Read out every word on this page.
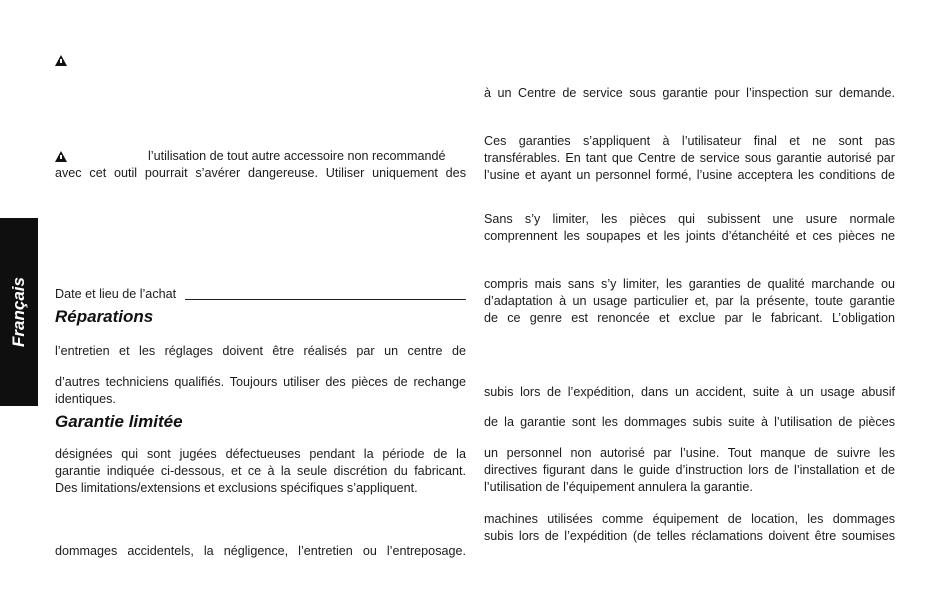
Français

l’utilisation de tout autre accessoire non recommandé

avec cet outil pourrait s’avérer dangereuse. Utiliser uniquement des

Date et lieu de l’achat

Réparations

l’entretien et les réglages doivent être réalisés par un centre de

d’autres techniciens qualifiés. Toujours utiliser des pièces de rechange

identiques.

Garantie limitée

désignées qui sont jugées défectueuses pendant la période de la

garantie indiquée ci-dessous, et ce à la seule discrétion du fabricant.

Des limitations/extensions et exclusions spécifiques s’appliquent.

dommages accidentels, la négligence, l’entretien ou l’entreposage.

à un Centre de service sous garantie pour l’inspection sur demande.

Ces garanties s’appliquent à l’utilisateur final et ne sont pas

transférables. En tant que Centre de service sous garantie autorisé par

l’usine et ayant un personnel formé, l’usine acceptera les conditions de

Sans s’y limiter, les pièces qui subissent une usure normale

comprennent les soupapes et les joints d’étanchéité et ces pièces ne

compris mais sans s’y limiter, les garanties de qualité marchande ou

d’adaptation à un usage particulier et, par la présente, toute garantie

de ce genre est renoncée et exclue par le fabricant. L’obligation

subis lors de l’expédition, dans un accident, suite à un usage abusif

de la garantie sont les dommages subis suite à l’utilisation de pièces

un personnel non autorisé par l’usine. Tout manque de suivre les

directives figurant dans le guide d’instruction lors de l’installation et de

l’utilisation de l’équipement annulera la garantie.

machines utilisées comme équipement de location, les dommages

subis lors de l’expédition (de telles réclamations doivent être soumises
